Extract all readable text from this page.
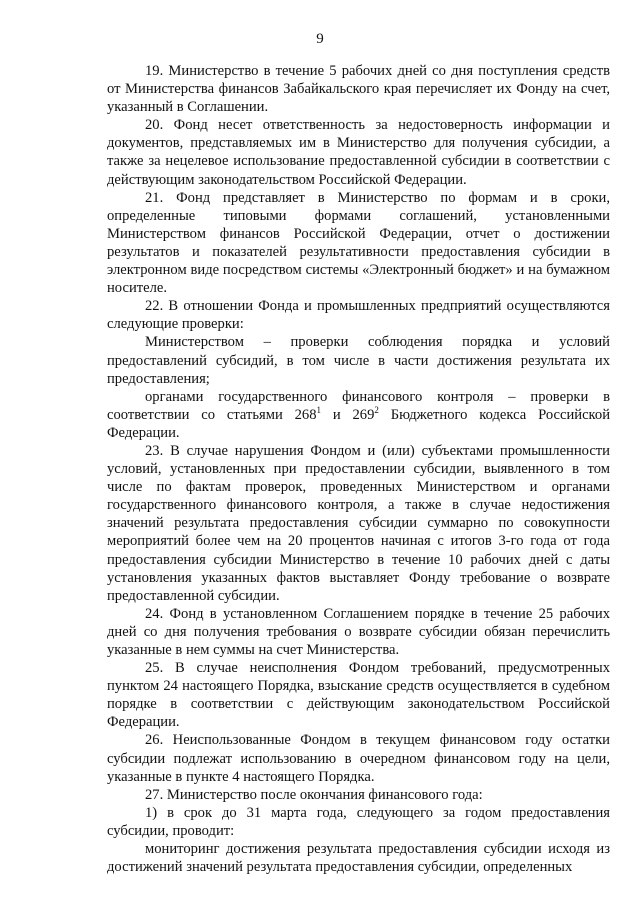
9

19. Министерство в течение 5 рабочих дней со дня поступления средств от Министерства финансов Забайкальского края перечисляет их Фонду на счет, указанный в Соглашении.

20. Фонд несет ответственность за недостоверность информации и документов, представляемых им в Министерство для получения субсидии, а также за нецелевое использование предоставленной субсидии в соответствии с действующим законодательством Российской Федерации.

21. Фонд представляет в Министерство по формам и в сроки, определенные типовыми формами соглашений, установленными Министерством финансов Российской Федерации, отчет о достижении результатов и показателей результативности предоставления субсидии в электронном виде посредством системы «Электронный бюджет» и на бумажном носителе.

22. В отношении Фонда и промышленных предприятий осуществляются следующие проверки:

Министерством – проверки соблюдения порядка и условий предоставлений субсидий, в том числе в части достижения результата их предоставления;

органами государственного финансового контроля – проверки в соответствии со статьями $268^1$ и $269^2$ Бюджетного кодекса Российской Федерации.

23. В случае нарушения Фондом и (или) субъектами промышленности условий, установленных при предоставлении субсидии, выявленного в том числе по фактам проверок, проведенных Министерством и органами государственного финансового контроля, а также в случае недостижения значений результата предоставления субсидии суммарно по совокупности мероприятий более чем на 20 процентов начиная с итогов 3-го года от года предоставления субсидии Министерство в течение 10 рабочих дней с даты установления указанных фактов выставляет Фонду требование о возврате предоставленной субсидии.

24. Фонд в установленном Соглашением порядке в течение 25 рабочих дней со дня получения требования о возврате субсидии обязан перечислить указанные в нем суммы на счет Министерства.

25. В случае неисполнения Фондом требований, предусмотренных пунктом 24 настоящего Порядка, взыскание средств осуществляется в судебном порядке в соответствии с действующим законодательством Российской Федерации.

26. Неиспользованные Фондом в текущем финансовом году остатки субсидии подлежат использованию в очередном финансовом году на цели, указанные в пункте 4 настоящего Порядка.

27. Министерство после окончания финансового года:

1) в срок до 31 марта года, следующего за годом предоставления субсидии, проводит:

мониторинг достижения результата предоставления субсидии исходя из достижений значений результата предоставления субсидии, определенных
